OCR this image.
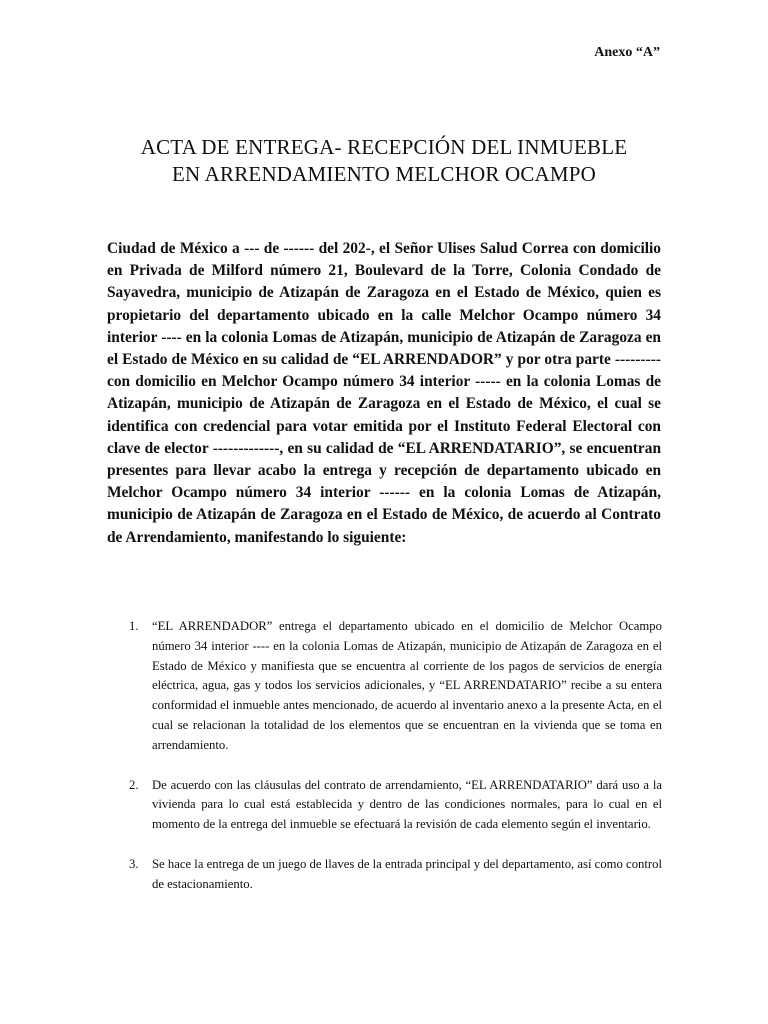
Anexo “A”
ACTA DE ENTREGA- RECEPCIÓN DEL INMUEBLE
EN ARRENDAMIENTO MELCHOR OCAMPO

Ciudad de México a --- de ------ del 202-, el Señor Ulises Salud Correa con domicilio en Privada de Milford número 21, Boulevard de la Torre, Colonia Condado de Sayavedra, municipio de Atizapán de Zaragoza en el Estado de México, quien es propietario del departamento ubicado en la calle Melchor Ocampo número 34 interior ---- en la colonia Lomas de Atizapán, municipio de Atizapán de Zaragoza en el Estado de México en su calidad de “EL ARRENDADOR” y por otra parte --------- con domicilio en Melchor Ocampo número 34 interior ----- en la colonia Lomas de Atizapán, municipio de Atizapán de Zaragoza en el Estado de México, el cual se identifica con credencial para votar emitida por el Instituto Federal Electoral con clave de elector -------------, en su calidad de “EL ARRENDATARIO”, se encuentran presentes para llevar acabo la entrega y recepción de departamento ubicado en Melchor Ocampo número 34 interior ------ en la colonia Lomas de Atizapán, municipio de Atizapán de Zaragoza en el Estado de México, de acuerdo al Contrato de Arrendamiento, manifestando lo siguiente:

1. “EL ARRENDADOR” entrega el departamento ubicado en el domicilio de Melchor Ocampo número 34 interior ---- en la colonia Lomas de Atizapán, municipio de Atizapán de Zaragoza en el Estado de México y manifiesta que se encuentra al corriente de los pagos de servicios de energía eléctrica, agua, gas y todos los servicios adicionales, y “EL ARRENDATARIO” recibe a su entera conformidad el inmueble antes mencionado, de acuerdo al inventario anexo a la presente Acta, en el cual se relacionan la totalidad de los elementos que se encuentran en la vivienda que se toma en arrendamiento.
2. De acuerdo con las cláusulas del contrato de arrendamiento, “EL ARRENDATARIO” dará uso a la vivienda para lo cual está establecida y dentro de las condiciones normales, para lo cual en el momento de la entrega del inmueble se efectuará la revisión de cada elemento según el inventario.
3. Se hace la entrega de un juego de llaves de la entrada principal y del departamento, así como control de estacionamiento.
